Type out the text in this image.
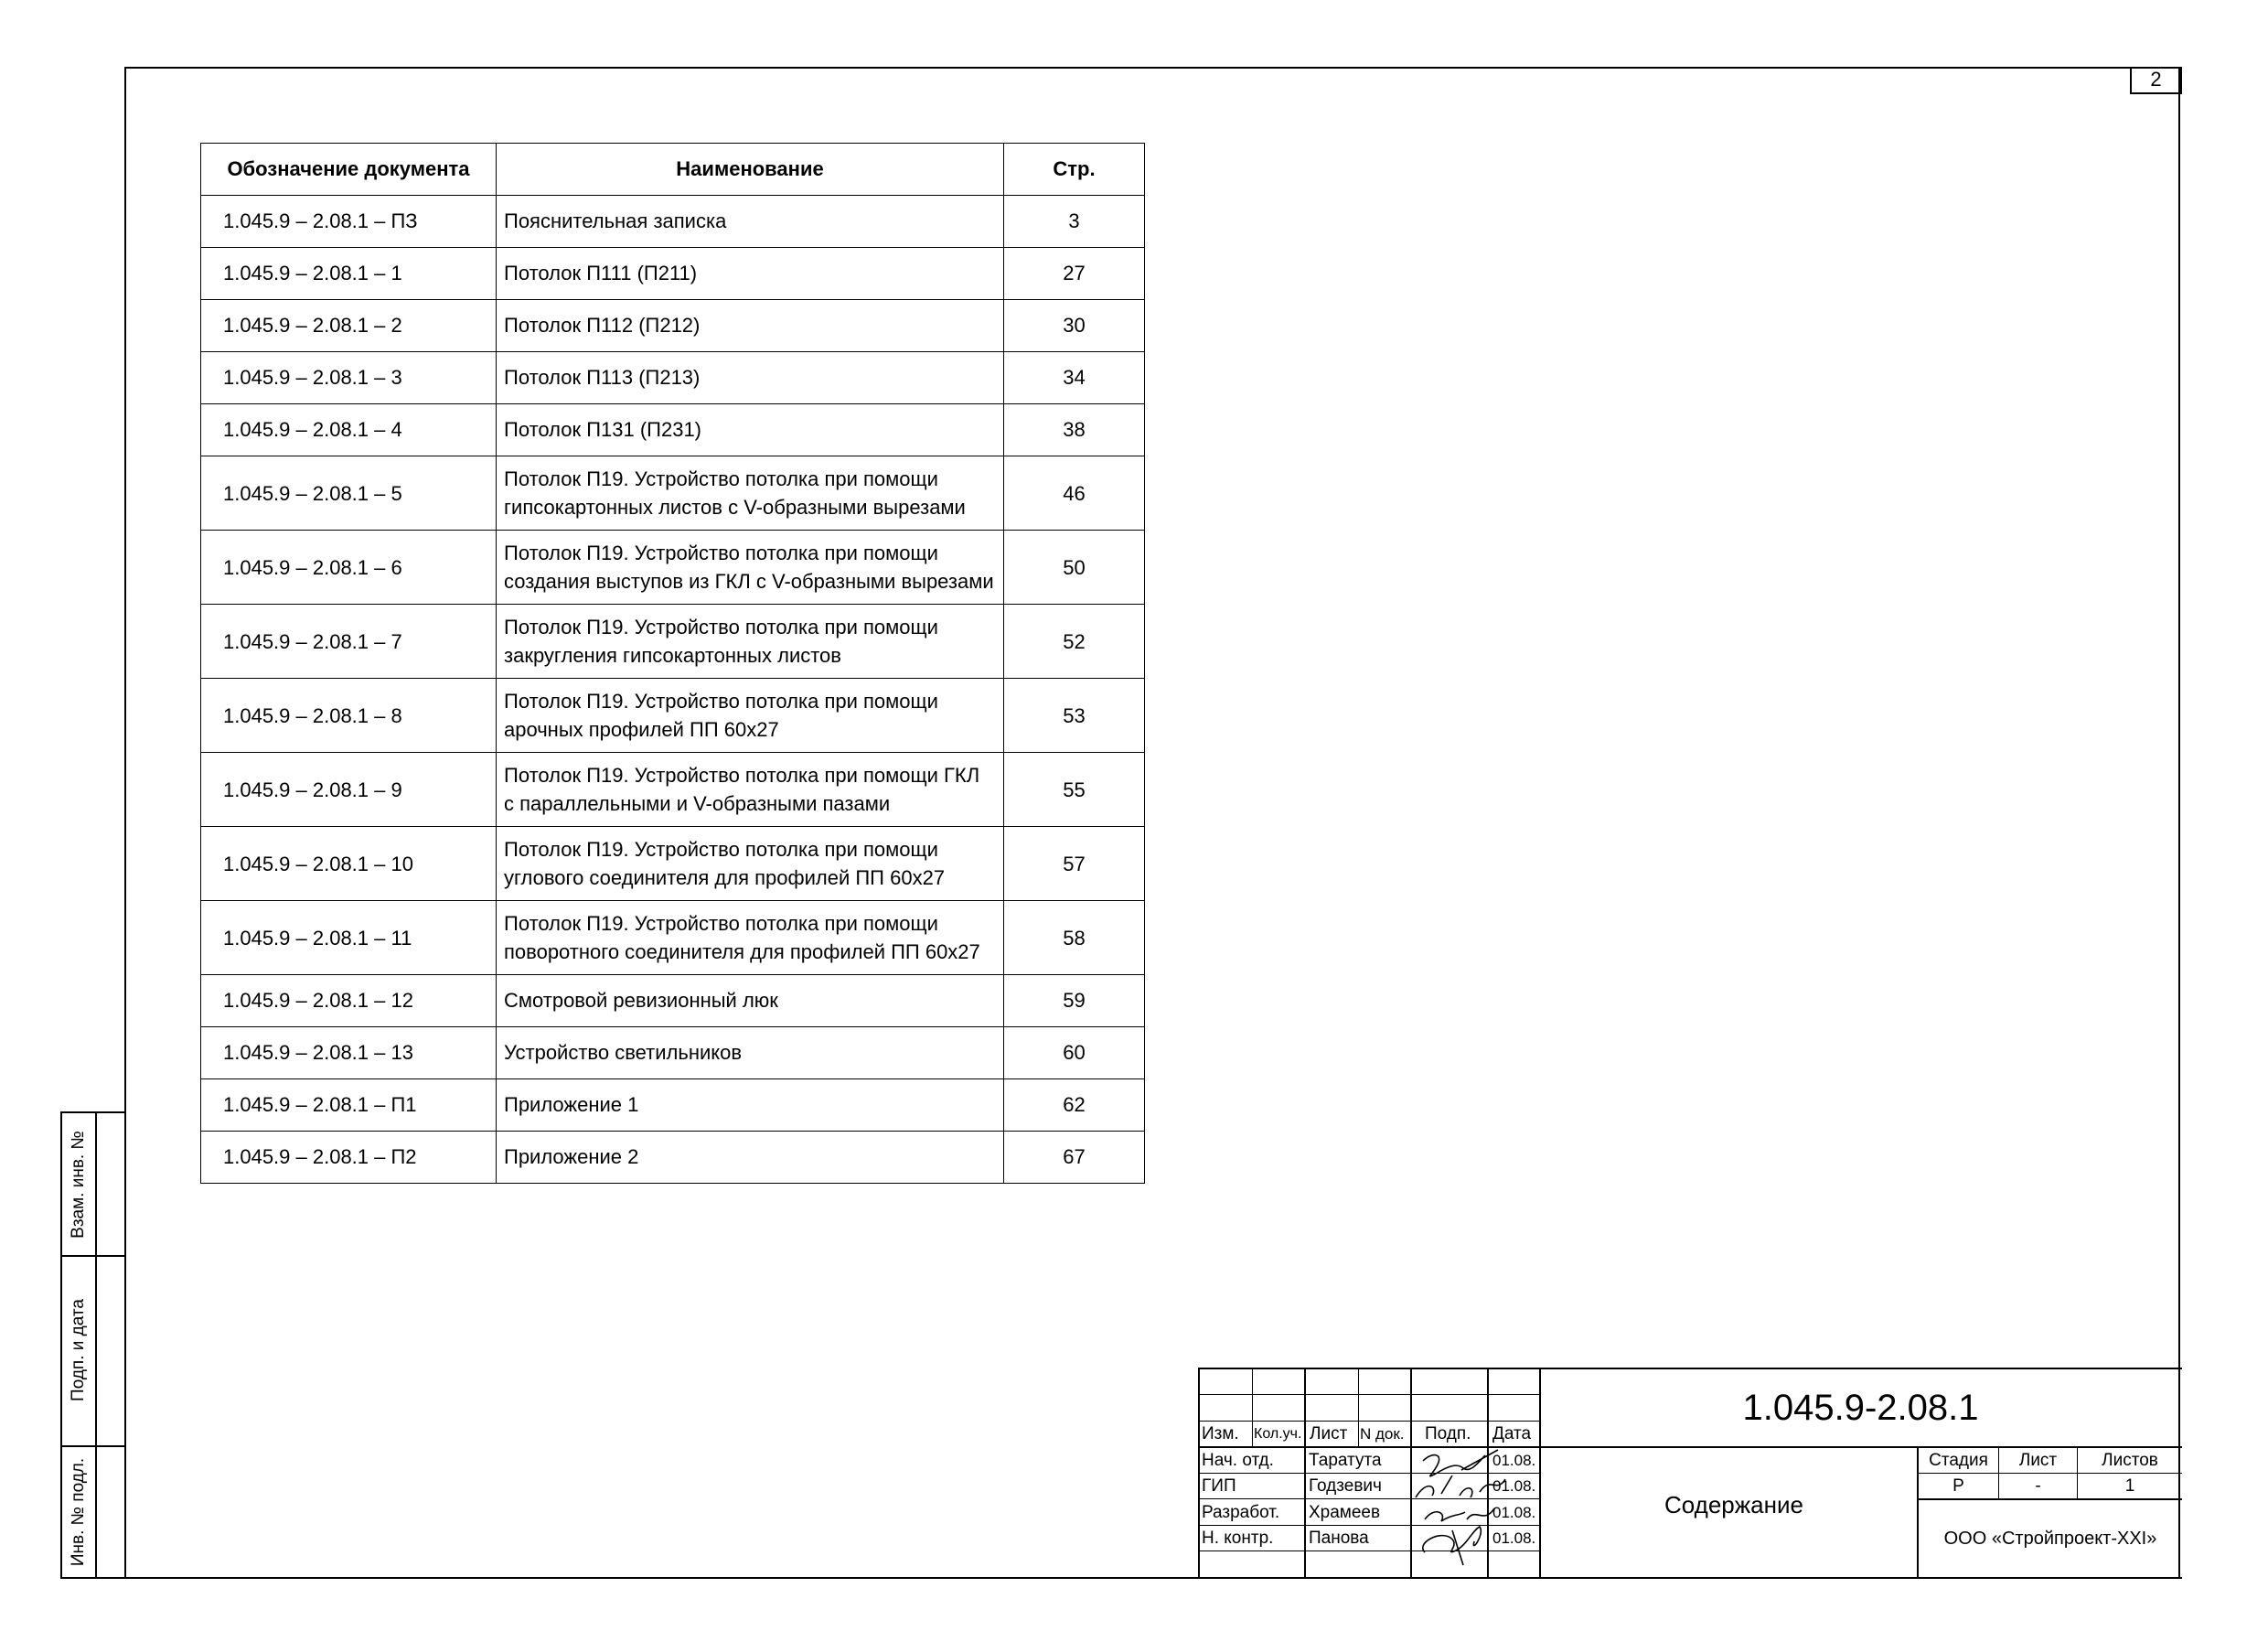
2
Взам. инв. №
Подп. и дата
Инв. № подл.
Обозначение документа	Наименование	Стр.
1.045.9 – 2.08.1 – ПЗ	Пояснительная записка	3
1.045.9 – 2.08.1 – 1	Потолок П111 (П211)	27
1.045.9 – 2.08.1 – 2	Потолок П112 (П212)	30
1.045.9 – 2.08.1 – 3	Потолок П113 (П213)	34
1.045.9 – 2.08.1 – 4	Потолок П131 (П231)	38
1.045.9 – 2.08.1 – 5	Потолок П19. Устройство потолка при помощи
гипсокартонных листов с V-образными вырезами	46
1.045.9 – 2.08.1 – 6	Потолок П19. Устройство потолка при помощи
создания выступов из ГКЛ с V-образными вырезами	50
1.045.9 – 2.08.1 – 7	Потолок П19. Устройство потолка при помощи
закругления гипсокартонных листов	52
1.045.9 – 2.08.1 – 8	Потолок П19. Устройство потолка при помощи
арочных профилей ПП 60х27	53
1.045.9 – 2.08.1 – 9	Потолок П19. Устройство потолка при помощи ГКЛ
с параллельными и V-образными пазами	55
1.045.9 – 2.08.1 – 10	Потолок П19. Устройство потолка при помощи
углового соединителя для профилей ПП 60х27	57
1.045.9 – 2.08.1 – 11	Потолок П19. Устройство потолка при помощи
поворотного соединителя для профилей ПП 60х27	58
1.045.9 – 2.08.1 – 12	Смотровой ревизионный люк	59
1.045.9 – 2.08.1 – 13	Устройство светильников	60
1.045.9 – 2.08.1 – П1	Приложение 1	62
1.045.9 – 2.08.1 – П2	Приложение 2	67
Изм. Кол.уч. Лист N док. Подп. Дата
Нач. отд. Таратута	01.08.
ГИП	Годзевич	01.08.
Разработ. Храмеев	01.08.
Н. контр. Панова	01.08.
1.045.9-2.08.1
Содержание
ООО «Стройпроект-XXI»
Стадия	Лист	Листов
Р	-	1
